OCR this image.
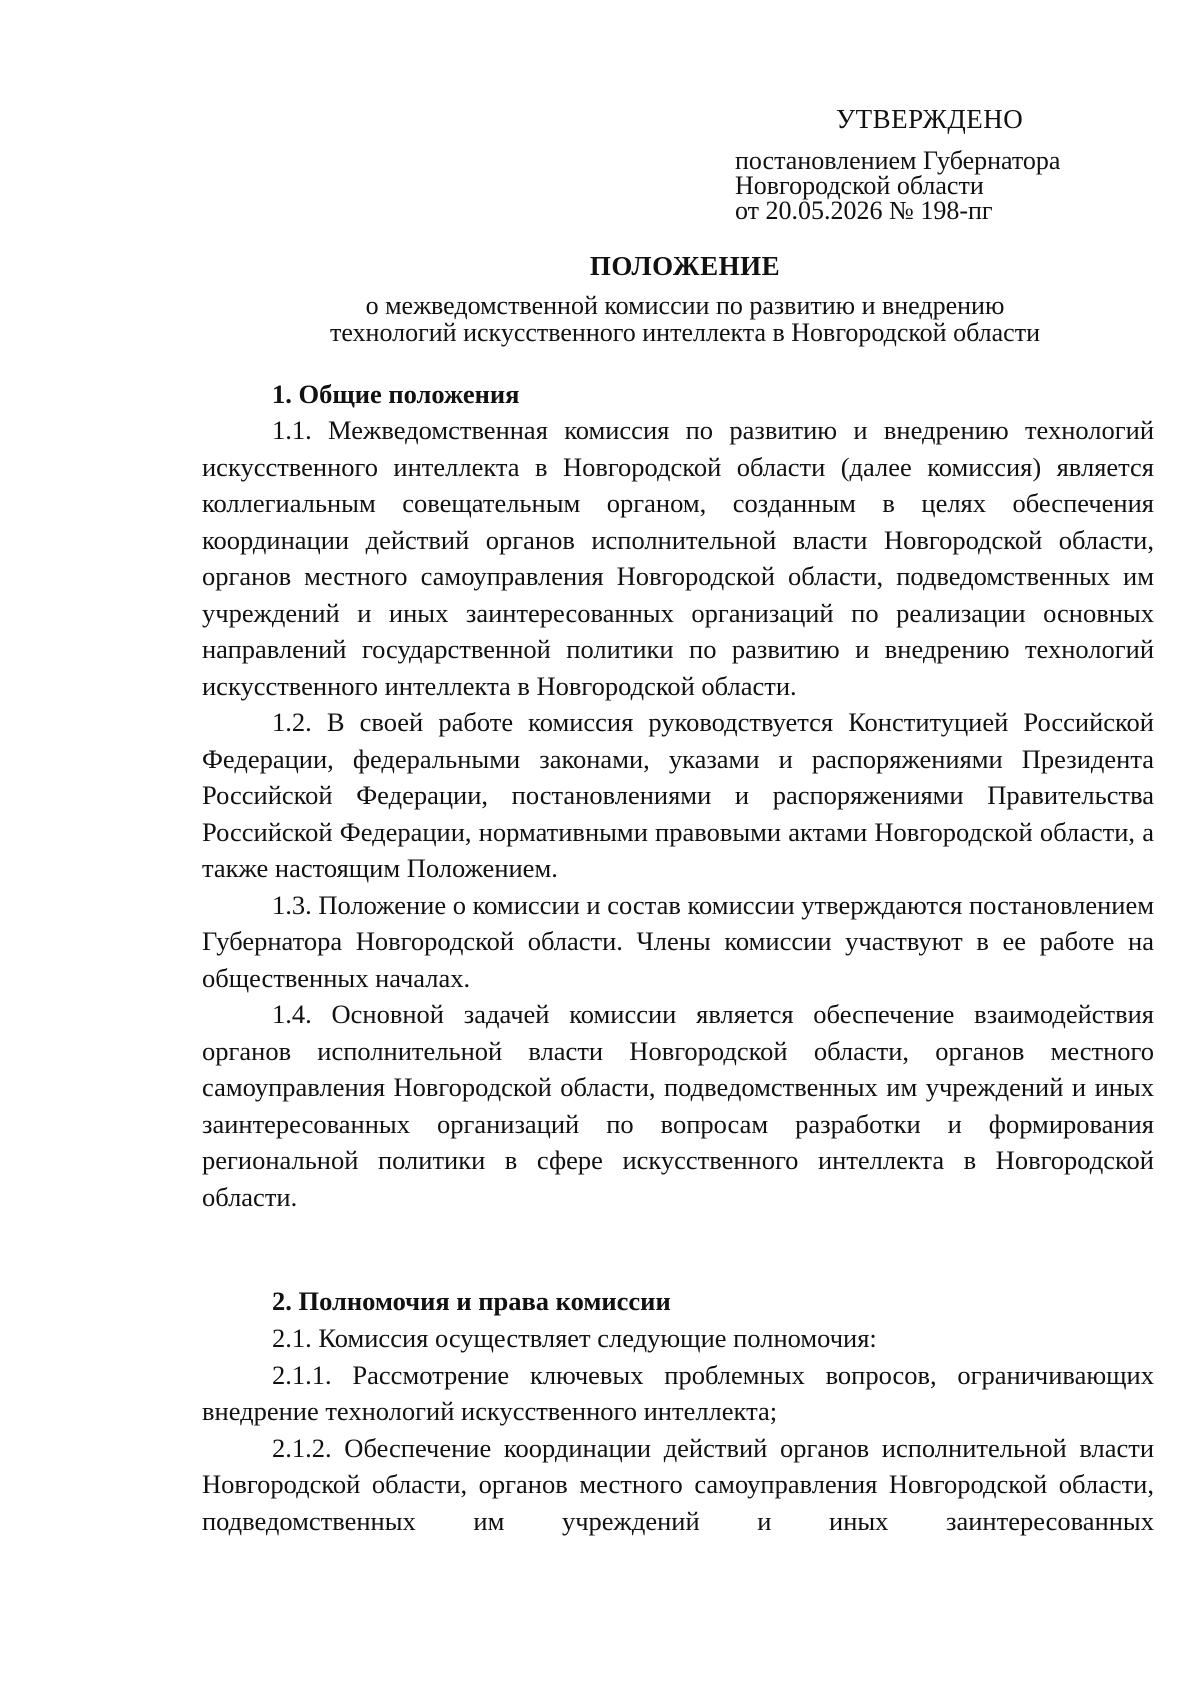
УТВЕРЖДЕНО
постановлением Губернатора
Новгородской области
от 20.05.2026 № 198-пг
ПОЛОЖЕНИЕ
о межведомственной комиссии по развитию и внедрению
технологий искусственного интеллекта в Новгородской области
1. Общие положения

1.1. Межведомственная комиссия по развитию и внедрению технологий искусственного интеллекта в Новгородской области (далее комиссия) является коллегиальным совещательным органом, созданным в целях обеспечения координации действий органов исполнительной власти Новгородской области, органов местного самоуправления Новгородской области, подведомственных им учреждений и иных заинтересованных организаций по реализации основных направлений государственной политики по развитию и внедрению технологий искусственного интеллекта в Новгородской области.

1.2. В своей работе комиссия руководствуется Конституцией Российской Федерации, федеральными законами, указами и распоряжениями Президента Российской Федерации, постановлениями и распоряжениями Правительства Российской Федерации, нормативными правовыми актами Новгородской области, а также настоящим Положением.

1.3. Положение о комиссии и состав комиссии утверждаются постановлением Губернатора Новгородской области. Члены комиссии участвуют в ее работе на общественных началах.

1.4. Основной задачей комиссии является обеспечение взаимодействия органов исполнительной власти Новгородской области, органов местного самоуправления Новгородской области, подведомственных им учреждений и иных заинтересованных организаций по вопросам разработки и формирования региональной политики в сфере искусственного интеллекта в Новгородской области.

2. Полномочия и права комиссии

2.1. Комиссия осуществляет следующие полномочия:

2.1.1. Рассмотрение ключевых проблемных вопросов, ограничивающих внедрение технологий искусственного интеллекта;

2.1.2. Обеспечение координации действий органов исполнительной власти Новгородской области, органов местного самоуправления Новгородской области, подведомственных им учреждений и иных заинтересованных
